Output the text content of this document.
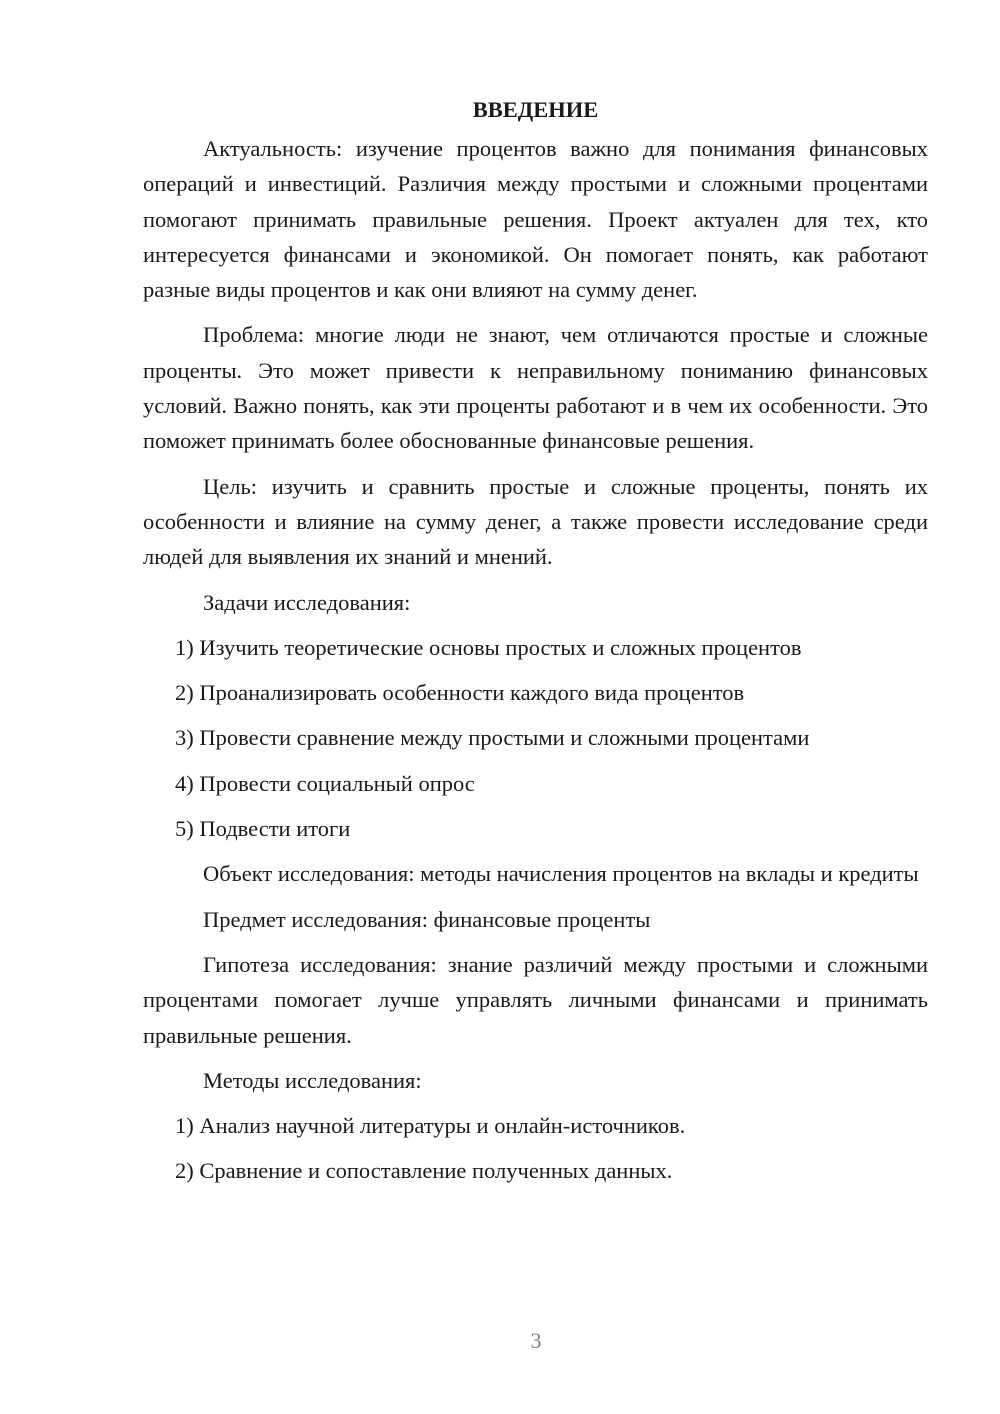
ВВЕДЕНИЕ

Актуальность: изучение процентов важно для понимания финансовых операций и инвестиций. Различия между простыми и сложными процентами помогают принимать правильные решения. Проект актуален для тех, кто интересуется финансами и экономикой. Он помогает понять, как работают разные виды процентов и как они влияют на сумму денег.

Проблема: многие люди не знают, чем отличаются простые и сложные проценты. Это может привести к неправильному пониманию финансовых условий. Важно понять, как эти проценты работают и в чем их особенности. Это поможет принимать более обоснованные финансовые решения.

Цель: изучить и сравнить простые и сложные проценты, понять их особенности и влияние на сумму денег, а также провести исследование среди людей для выявления их знаний и мнений.

Задачи исследования:

1) Изучить теоретические основы простых и сложных процентов
2) Проанализировать особенности каждого вида процентов
3) Провести сравнение между простыми и сложными процентами
4) Провести социальный опрос
5) Подвести итоги

Объект исследования: методы начисления процентов на вклады и кредиты

Предмет исследования: финансовые проценты

Гипотеза исследования: знание различий между простыми и сложными процентами помогает лучше управлять личными финансами и принимать правильные решения.

Методы исследования:

1) Анализ научной литературы и онлайн-источников.
2) Сравнение и сопоставление полученных данных.
3
